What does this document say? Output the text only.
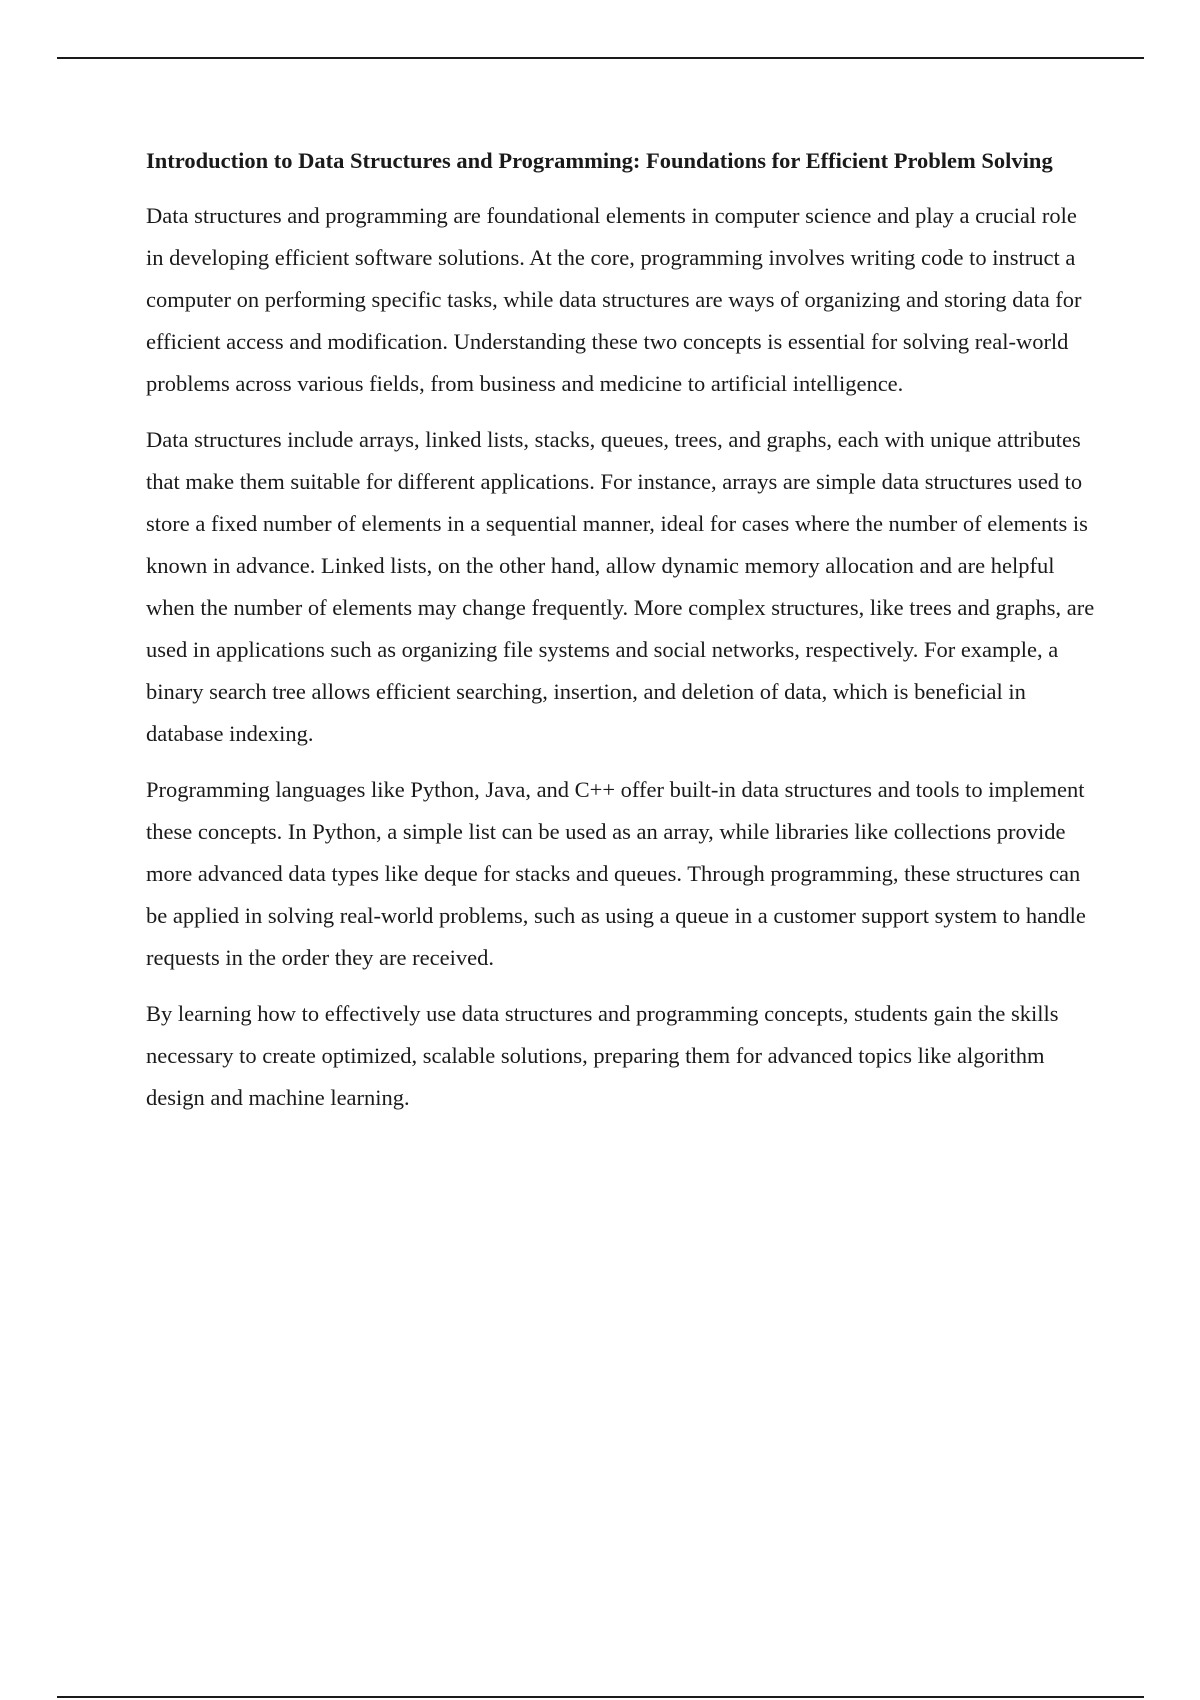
Introduction to Data Structures and Programming: Foundations for Efficient Problem Solving

Data structures and programming are foundational elements in computer science and play a crucial role in developing efficient software solutions. At the core, programming involves writing code to instruct a computer on performing specific tasks, while data structures are ways of organizing and storing data for efficient access and modification. Understanding these two concepts is essential for solving real-world problems across various fields, from business and medicine to artificial intelligence.

Data structures include arrays, linked lists, stacks, queues, trees, and graphs, each with unique attributes that make them suitable for different applications. For instance, arrays are simple data structures used to store a fixed number of elements in a sequential manner, ideal for cases where the number of elements is known in advance. Linked lists, on the other hand, allow dynamic memory allocation and are helpful when the number of elements may change frequently. More complex structures, like trees and graphs, are used in applications such as organizing file systems and social networks, respectively. For example, a binary search tree allows efficient searching, insertion, and deletion of data, which is beneficial in database indexing.

Programming languages like Python, Java, and C++ offer built-in data structures and tools to implement these concepts. In Python, a simple list can be used as an array, while libraries like collections provide more advanced data types like deque for stacks and queues. Through programming, these structures can be applied in solving real-world problems, such as using a queue in a customer support system to handle requests in the order they are received.

By learning how to effectively use data structures and programming concepts, students gain the skills necessary to create optimized, scalable solutions, preparing them for advanced topics like algorithm design and machine learning.
